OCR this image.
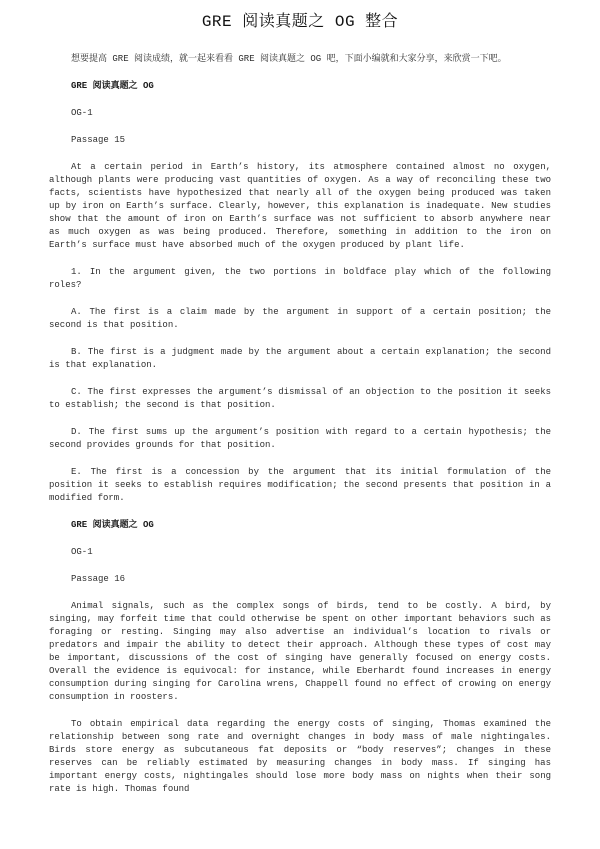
GRE 阅读真题之 OG 整合

想要提高 GRE 阅读成绩，就一起来看看 GRE 阅读真题之 OG 吧，下面小编就和大家分享，来欣赏一下吧。

GRE 阅读真题之 OG

OG-1

Passage 15

At a certain period in Earth’s history, its atmosphere contained almost no oxygen, although plants were producing vast quantities of oxygen. As a way of reconciling these two facts, scientists have hypothesized that nearly all of the oxygen being produced was taken up by iron on Earth’s surface. Clearly, however, this explanation is inadequate. New studies show that the amount of iron on Earth’s surface was not sufficient to absorb anywhere near as much oxygen as was being produced. Therefore, something in addition to the iron on Earth’s surface must have absorbed much of the oxygen produced by plant life.

1. In the argument given, the two portions in boldface play which of the following roles?

A. The first is a claim made by the argument in support of a certain position; the second is that position.

B. The first is a judgment made by the argument about a certain explanation; the second is that explanation.

C. The first expresses the argument’s dismissal of an objection to the position it seeks to establish; the second is that position.

D. The first sums up the argument’s position with regard to a certain hypothesis; the second provides grounds for that position.

E. The first is a concession by the argument that its initial formulation of the position it seeks to establish requires modification; the second presents that position in a modified form.

GRE 阅读真题之 OG

OG-1

Passage 16

Animal signals, such as the complex songs of birds, tend to be costly. A bird, by singing, may forfeit time that could otherwise be spent on other important behaviors such as foraging or resting. Singing may also advertise an individual’s location to rivals or predators and impair the ability to detect their approach. Although these types of cost may be important, discussions of the cost of singing have generally focused on energy costs. Overall the evidence is equivocal: for instance, while Eberhardt found increases in energy consumption during singing for Carolina wrens, Chappell found no effect of crowing on energy consumption in roosters.

To obtain empirical data regarding the energy costs of singing, Thomas examined the relationship between song rate and overnight changes in body mass of male nightingales. Birds store energy as subcutaneous fat deposits or “body reserves”; changes in these reserves can be reliably estimated by measuring changes in body mass. If singing has important energy costs, nightingales should lose more body mass on nights when their song rate is high. Thomas found
